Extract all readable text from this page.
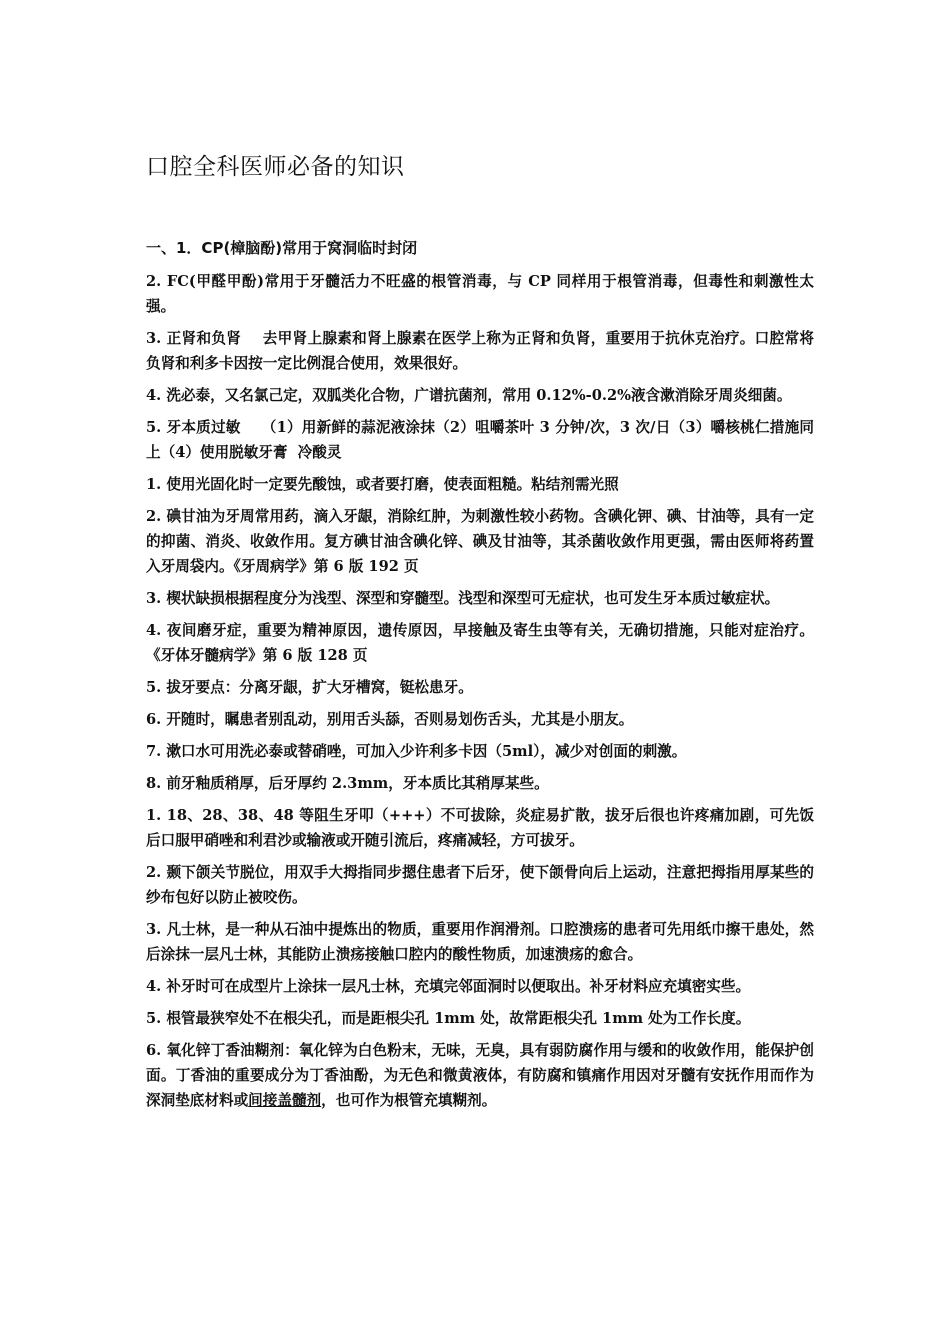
口腔全科医师必备的知识
一、1．CP(樟脑酚)常用于窝洞临时封闭
2. FC(甲醛甲酚)常用于牙髓活力不旺盛的根管消毒，与 CP 同样用于根管消毒，但毒性和刺激性太强。
3. 正肾和负肾    去甲肾上腺素和肾上腺素在医学上称为正肾和负肾，重要用于抗休克治疗。口腔常将负肾和利多卡因按一定比例混合使用，效果很好。
4. 洗必泰，又名氯己定，双胍类化合物，广谱抗菌剂，常用 0.12%-0.2%液含漱消除牙周炎细菌。
5. 牙本质过敏    （1）用新鲜的蒜泥液涂抹（2）咀嚼茶叶 3 分钟/次，3 次/日（3）嚼核桃仁措施同上（4）使用脱敏牙膏  冷酸灵
1. 使用光固化时一定要先酸蚀，或者要打磨，使表面粗糙。粘结剂需光照
2. 碘甘油为牙周常用药，滴入牙龈，消除红肿，为刺激性较小药物。含碘化钾、碘、甘油等，具有一定的抑菌、消炎、收敛作用。复方碘甘油含碘化锌、碘及甘油等，其杀菌收敛作用更强，需由医师将药置入牙周袋内。《牙周病学》第 6 版 192 页
3. 楔状缺损根据程度分为浅型、深型和穿髓型。浅型和深型可无症状，也可发生牙本质过敏症状。
4. 夜间磨牙症，重要为精神原因，遗传原因，早接触及寄生虫等有关，无确切措施，只能对症治疗。《牙体牙髓病学》第 6 版 128 页
5. 拔牙要点：分离牙龈，扩大牙槽窝，铤松患牙。
6. 开随时，瞩患者别乱动，别用舌头舔，否则易划伤舌头，尤其是小朋友。
7. 漱口水可用洗必泰或替硝唑，可加入少许利多卡因（5ml），减少对创面的刺激。
8. 前牙釉质稍厚，后牙厚约 2.3mm，牙本质比其稍厚某些。
1. 18、28、38、48 等阻生牙叩（+++）不可拔除，炎症易扩散，拔牙后很也许疼痛加剧，可先饭后口服甲硝唑和利君沙或输液或开随引流后，疼痛减轻，方可拔牙。
2. 颞下颌关节脱位，用双手大拇指同步摁住患者下后牙，使下颌骨向后上运动，注意把拇指用厚某些的纱布包好以防止被咬伤。
3. 凡士林，是一种从石油中提炼出的物质，重要用作润滑剂。口腔溃疡的患者可先用纸巾擦干患处，然后涂抹一层凡士林，其能防止溃疡接触口腔内的酸性物质，加速溃疡的愈合。
4. 补牙时可在成型片上涂抹一层凡士林，充填完邻面洞时以便取出。补牙材料应充填密实些。
5. 根管最狭窄处不在根尖孔，而是距根尖孔 1mm 处，故常距根尖孔 1mm 处为工作长度。
6. 氧化锌丁香油糊剂：氧化锌为白色粉末，无味，无臭，具有弱防腐作用与缓和的收敛作用，能保护创面。丁香油的重要成分为丁香油酚，为无色和微黄液体，有防腐和镇痛作用因对牙髓有安抚作用而作为深洞垫底材料或间接盖髓剂，也可作为根管充填糊剂。
